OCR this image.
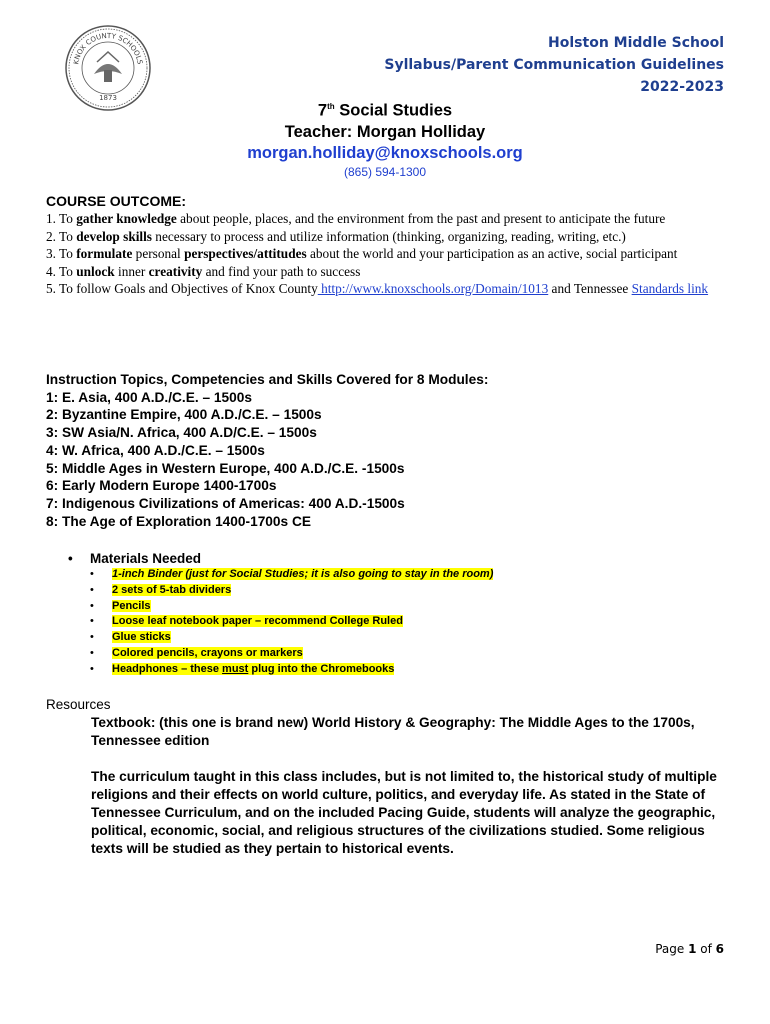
KNOX COUNTY SCHOOLS
1873
Holston Middle School
Syllabus/Parent Communication Guidelines
2022-2023
7th Social Studies
Teacher: Morgan Holliday
morgan.holliday@knoxschools.org
(865) 594-1300
COURSE OUTCOME:
1. To gather knowledge about people, places, and the environment from the past and present to anticipate the future
2. To develop skills necessary to process and utilize information (thinking, organizing, reading, writing, etc.)
3. To formulate personal perspectives/attitudes about the world and your participation as an active, social participant
4. To unlock inner creativity and find your path to success
5. To follow Goals and Objectives of Knox County http://www.knoxschools.org/Domain/1013 and Tennessee Standards link
Instruction Topics, Competencies and Skills Covered for 8 Modules:
1: E. Asia, 400 A.D./C.E. – 1500s
2: Byzantine Empire, 400 A.D./C.E. – 1500s
3: SW Asia/N. Africa, 400 A.D/C.E. – 1500s
4: W. Africa, 400 A.D./C.E. – 1500s
5: Middle Ages in Western Europe, 400 A.D./C.E. -1500s
6: Early Modern Europe 1400-1700s
7: Indigenous Civilizations of Americas: 400 A.D.-1500s
8: The Age of Exploration 1400-1700s CE
• Materials Needed
• 1-inch Binder (just for Social Studies; it is also going to stay in the room)
• 2 sets of 5-tab dividers
• Pencils
• Loose leaf notebook paper – recommend College Ruled
• Glue sticks
• Colored pencils, crayons or markers
• Headphones – these must plug into the Chromebooks
Resources
Textbook: (this one is brand new) World History & Geography: The Middle Ages to the 1700s, Tennessee edition
The curriculum taught in this class includes, but is not limited to, the historical study of multiple religions and their effects on world culture, politics, and everyday life. As stated in the State of Tennessee Curriculum, and on the included Pacing Guide, students will analyze the geographic, political, economic, social, and religious structures of the civilizations studied. Some religious texts will be studied as they pertain to historical events.
Page 1 of 6
